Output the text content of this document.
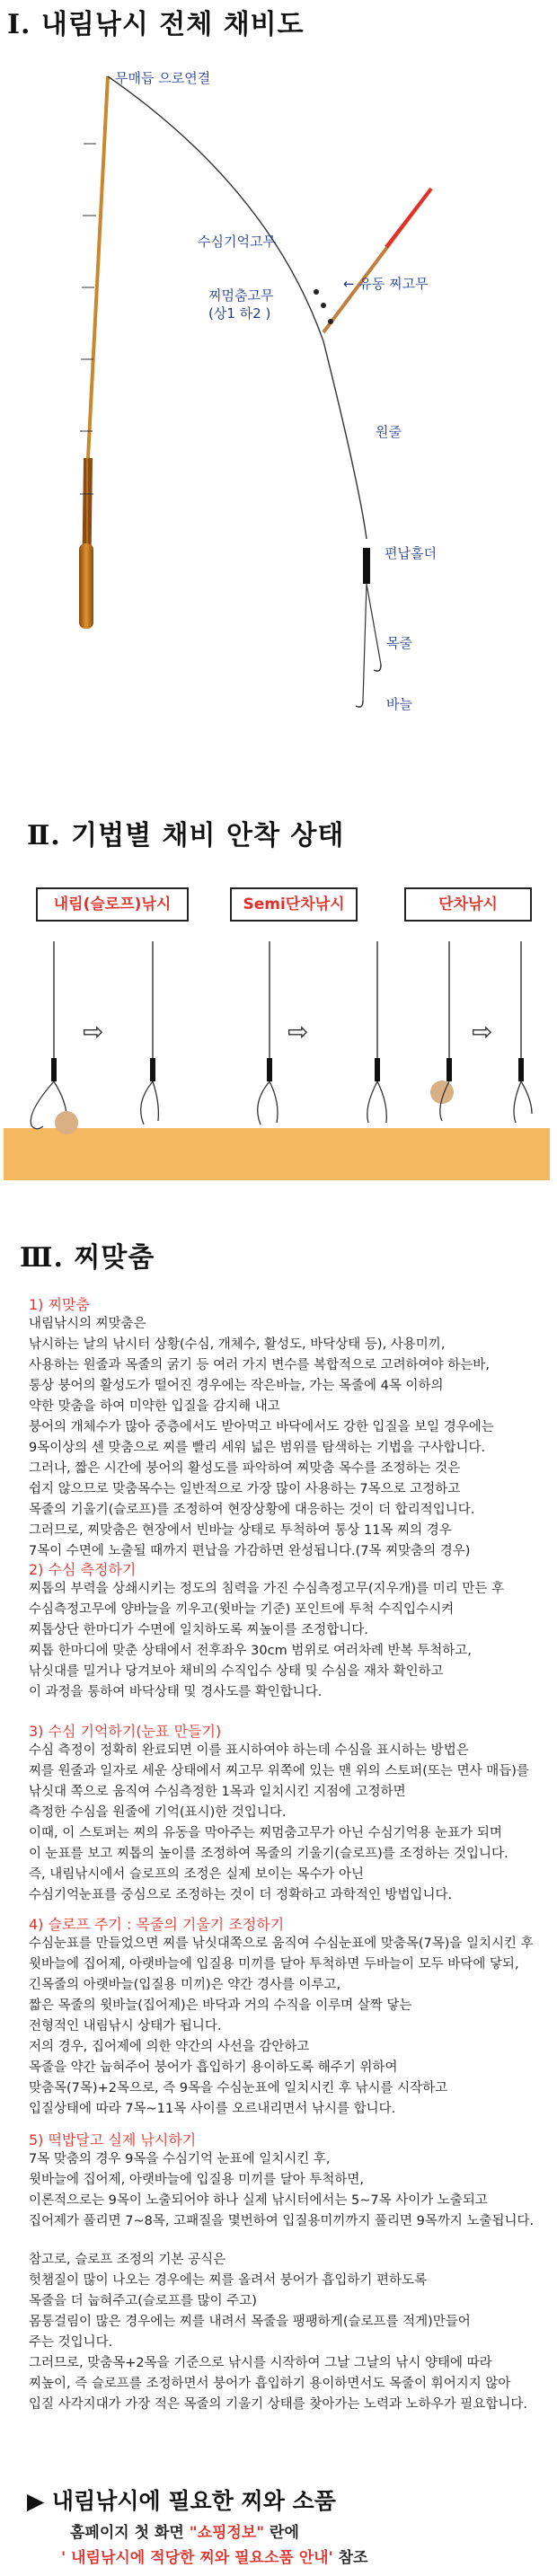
Ⅰ. 내림낚시 전체 채비도
무매듭 으로연결
수심기억고무
찌멈춤고무
(상1 하2 )
← 유동 찌고무
원줄
편납홀더
목줄
바늘
Ⅱ. 기법별 채비 안착 상태
내림(슬로프)낚시	Semi단차낚시	단차낚시
⇨	⇨	⇨
Ⅲ. 찌맞춤

1) 찌맞춤

내림낚시의 찌맞춤은

낚시하는 날의 낚시터 상황(수심, 개체수, 활성도, 바닥상태 등), 사용미끼,

사용하는 원줄과 목줄의 굵기 등 여러 가지 변수를 복합적으로 고려하여야 하는바,

통상 붕어의 활성도가 떨어진 경우에는 작은바늘, 가는 목줄에 4목 이하의

약한 맞춤을 하여 미약한 입질을 감지해 내고

붕어의 개체수가 많아 중층에서도 받아먹고 바닥에서도 강한 입질을 보일 경우에는

9목이상의 센 맞춤으로 찌를 빨리 세워 넓은 범위를 탐색하는 기법을 구사합니다.

그러나, 짧은 시간에 붕어의 활성도를 파악하여 찌맞춤 목수를 조정하는 것은

쉽지 않으므로 맞춤목수는 일반적으로 가장 많이 사용하는 7목으로 고정하고

목줄의 기울기(슬로프)를 조정하여 현장상황에 대응하는 것이 더 합리적입니다.

그러므로, 찌맞춤은 현장에서 빈바늘 상태로 투척하여 통상 11목 찌의 경우

7목이 수면에 노출될 때까지 편납을 가감하면 완성됩니다.(7목 찌맞춤의 경우)

2) 수심 측정하기

찌톱의 부력을 상쇄시키는 정도의 침력을 가진 수심측정고무(지우개)를 미리 만든 후

수심측정고무에 양바늘을 끼우고(윗바늘 기준) 포인트에 투척 수직입수시켜

찌톱상단 한마디가 수면에 일치하도록 찌높이를 조정합니다.

찌톱 한마디에 맞춘 상태에서 전후좌우 30cm 범위로 여러차례 반복 투척하고,

낚싯대를 밀거나 당겨보아 채비의 수직입수 상태 및 수심을 재차 확인하고

이 과정을 통하여 바닥상태 및 경사도를 확인합니다.

3) 수심 기억하기(눈표 만들기)

수심 측정이 정확히 완료되면 이를 표시하여야 하는데 수심을 표시하는 방법은

찌를 원줄과 일자로 세운 상태에서 찌고무 위쪽에 있는 맨 위의 스토퍼(또는 면사 매듭)를

낚싯대 쪽으로 움직여 수심측정한 1목과 일치시킨 지점에 고정하면

측정한 수심을 원줄에 기억(표시)한 것입니다.

이때, 이 스토퍼는 찌의 유동을 막아주는 찌멈춤고무가 아닌 수심기억용 눈표가 되며

이 눈표를 보고 찌톱의 높이를 조정하여 목줄의 기울기(슬로프)를 조정하는 것입니다.

즉, 내림낚시에서 슬로프의 조정은 실제 보이는 목수가 아닌

수심기억눈표를 중심으로 조정하는 것이 더 정확하고 과학적인 방법입니다.

4) 슬로프 주기 : 목줄의 기울기 조정하기

수심눈표를 만들었으면 찌를 낚싯대쪽으로 움직여 수심눈표에 맞춤목(7목)을 일치시킨 후

윗바늘에 집어제, 아랫바늘에 입질용 미끼를 달아 투척하면 두바늘이 모두 바닥에 닿되,

긴목줄의 아랫바늘(입질용 미끼)은 약간 경사를 이루고,

짧은 목줄의 윗바늘(집어제)은 바닥과 거의 수직을 이루며 살짝 닿는

전형적인 내림낚시 상태가 됩니다.

저의 경우, 집어제에 의한 약간의 사선을 감안하고

목줄을 약간 눕혀주어 붕어가 흡입하기 용이하도록 해주기 위하여

맞춤목(7목)+2목으로, 즉 9목을 수심눈표에 일치시킨 후 낚시를 시작하고

입질상태에 따라 7목~11목 사이를 오르내리면서 낚시를 합니다.

5) 떡밥달고 실제 낚시하기

7목 맞춤의 경우 9목을 수심기억 눈표에 일치시킨 후,

윗바늘에 집어제, 아랫바늘에 입질용 미끼를 달아 투척하면,

이론적으로는 9목이 노출되어야 하나 실제 낚시터에서는 5~7목 사이가 노출되고

집어제가 풀리면 7~8목, 고패질을 몇번하여 입질용미끼까지 풀리면 9목까지 노출됩니다.

참고로, 슬로프 조정의 기본 공식은

헛챔질이 많이 나오는 경우에는 찌를 올려서 붕어가 흡입하기 편하도록

목줄을 더 눕혀주고(슬로프를 많이 주고)

몸통걸림이 많은 경우에는 찌를 내려서 목줄을 팽팽하게(슬로프를 적게)만들어

주는 것입니다.

그러므로, 맞춤목+2목을 기준으로 낚시를 시작하여 그날 그날의 낚시 양태에 따라

찌높이, 즉 슬로프를 조정하면서 붕어가 흡입하기 용이하면서도 목줄이 휘어지지 않아

입질 사각지대가 가장 적은 목줄의 기울기 상태를 찾아가는 노력과 노하우가 필요합니다.

▶ 내림낚시에 필요한 찌와 소품
홈페이지 첫 화면 "쇼핑정보" 란에
' 내림낚시에 적당한 찌와 필요소품 안내' 참조
